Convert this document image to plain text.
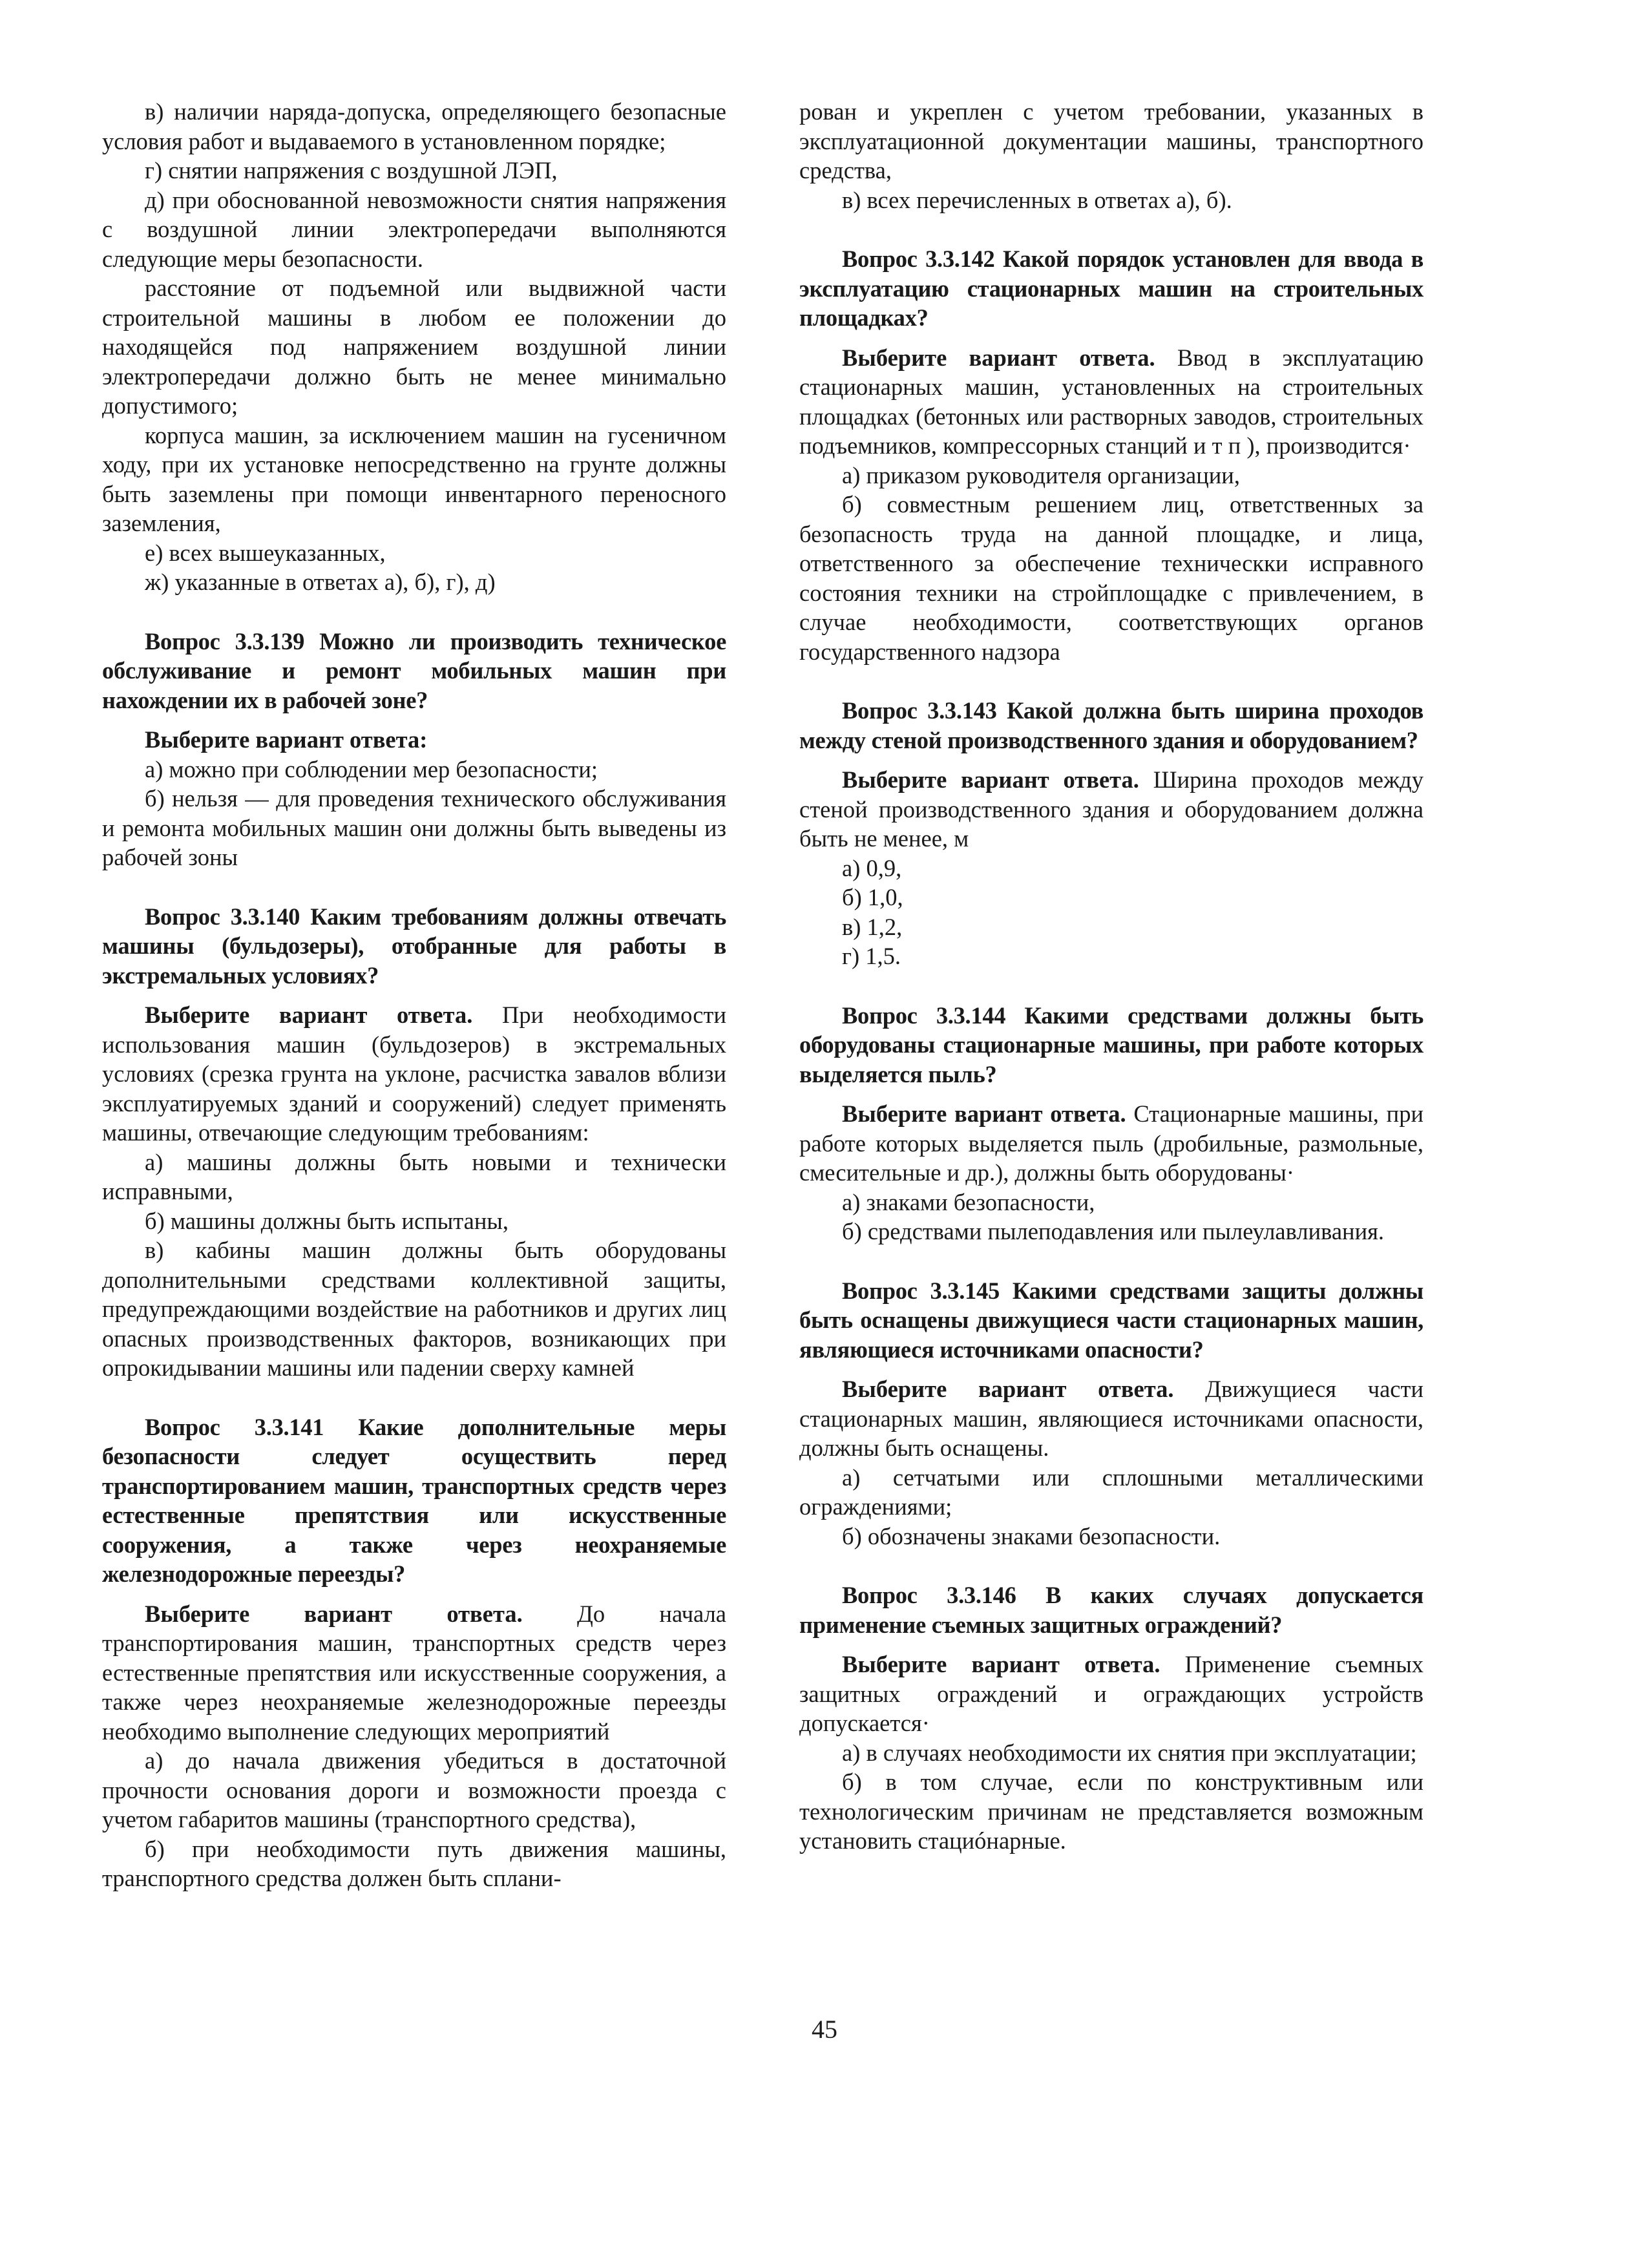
в) наличии наряда-допуска, определяющего безопасные условия работ и выдаваемого в установленном порядке;

г) снятии напряжения с воздушной ЛЭП,

д) при обоснованной невозможности снятия напряжения с воздушной линии электропередачи выполняются следующие меры безопасности.

расстояние от подъемной или выдвижной части строительной машины в любом ее положении до находящейся под напряжением воздушной линии электропередачи должно быть не менее минимально допустимого;

корпуса машин, за исключением машин на гусеничном ходу, при их установке непосредственно на грунте должны быть заземлены при помощи инвентарного переносного заземления,

е) всех вышеуказанных,

ж) указанные в ответах а), б), г), д)

Вопрос 3.3.139 Можно ли производить техническое обслуживание и ремонт мобильных машин при нахождении их в рабочей зоне?

Выберите вариант ответа:

а) можно при соблюдении мер безопасности;

б) нельзя — для проведения технического обслуживания и ремонта мобильных машин они должны быть выведены из рабочей зоны

Вопрос 3.3.140 Каким требованиям должны отвечать машины (бульдозеры), отобранные для работы в экстремальных условиях?

Выберите вариант ответа. При необходимости использования машин (бульдозеров) в экстремальных условиях (срезка грунта на уклоне, расчистка завалов вблизи эксплуатируемых зданий и сооружений) следует применять машины, отвечающие следующим требованиям:

а) машины должны быть новыми и технически исправными,

б) машины должны быть испытаны,

в) кабины машин должны быть оборудованы дополнительными средствами коллективной защиты, предупреждающими воздействие на работников и других лиц опасных производственных факторов, возникающих при опрокидывании машины или падении сверху камней

Вопрос 3.3.141 Какие дополнительные меры безопасности следует осуществить перед транспортированием машин, транспортных средств через естественные препятствия или искусственные сооружения, а также через неохраняемые железнодорожные переезды?

Выберите вариант ответа. До начала транспортирования машин, транспортных средств через естественные препятствия или искусственные сооружения, а также через неохраняемые железнодорожные переезды необходимо выполнение следующих мероприятий

а) до начала движения убедиться в достаточной прочности основания дороги и возможности проезда с учетом габаритов машины (транспортного средства),

б) при необходимости путь движения машины, транспортного средства должен быть сплани-

рован и укреплен с учетом требовании, указанных в эксплуатационной документации машины, транспортного средства,

в) всех перечисленных в ответах а), б).

Вопрос 3.3.142 Какой порядок установлен для ввода в эксплуатацию стационарных машин на строительных площадках?

Выберите вариант ответа. Ввод в эксплуатацию стационарных машин, установленных на строительных площадках (бетонных или растворных заводов, строительных подъемников, компрессорных станций и т п ), производится·

а) приказом руководителя организации,

б) совместным решением лиц, ответственных за безопасность труда на данной площадке, и лица, ответственного за обеспечение техническки исправного состояния техники на стройплощадке с привлечением, в случае необходимости, соответствующих органов государственного надзора

Вопрос 3.3.143 Какой должна быть ширина проходов между стеной производственного здания и оборудованием?

Выберите вариант ответа. Ширина проходов между стеной производственного здания и оборудованием должна быть не менее, м

а) 0,9,

б) 1,0,

в) 1,2,

г) 1,5.

Вопрос 3.3.144 Какими средствами должны быть оборудованы стационарные машины, при работе которых выделяется пыль?

Выберите вариант ответа. Стационарные машины, при работе которых выделяется пыль (дробильные, размольные, смесительные и др.), должны быть оборудованы·

а) знаками безопасности,

б) средствами пылеподавления или пылеулавливания.

Вопрос 3.3.145 Какими средствами защиты должны быть оснащены движущиеся части стационарных машин, являющиеся источниками опасности?

Выберите вариант ответа. Движущиеся части стационарных машин, являющиеся источниками опасности, должны быть оснащены.

а) сетчатыми или сплошными металлическими ограждениями;

б) обозначены знаками безопасности.

Вопрос 3.3.146 В каких случаях допускается применение съемных защитных ограждений?

Выберите вариант ответа. Применение съемных защитных ограждений и ограждающих устройств допускается·

а) в случаях необходимости их снятия при эксплуатации;

б) в том случае, если по конструктивным или технологическим причинам не представляется возможным установить стациóнарные.

45
